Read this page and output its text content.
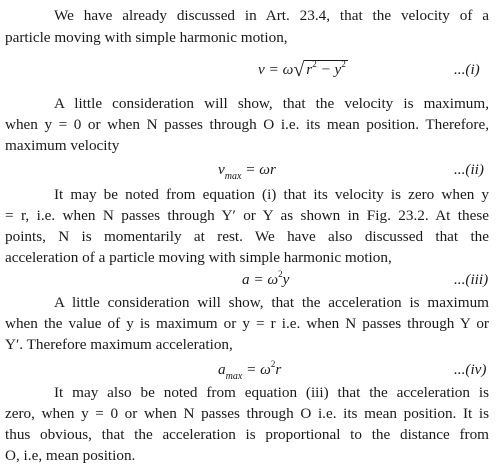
We have already discussed in Art. 23.4, that the velocity of a
particle moving with simple harmonic motion,
v = ω√ $r^2 - y^2$	...(i)
A little consideration will show, that the velocity is maximum,
when y = 0 or when N passes through O i.e. its mean position. Therefore,
maximum velocity
$v_{max} = \omega r$	...(ii)
It may be noted from equation (i) that its velocity is zero when y
= r, i.e. when N passes through Y′ or Y as shown in Fig. 23.2. At these
points, N is momentarily at rest. We have also discussed that the
acceleration of a particle moving with simple harmonic motion,
$a = \omega^2y$	...(iii)
A little consideration will show, that the acceleration is maximum
when the value of y is maximum or y = r i.e. when N passes through Y or
Y′. Therefore maximum acceleration,
$a_{max} = \omega^2r$	...(iv)
It may also be noted from equation (iii) that the acceleration is
zero, when y = 0 or when N passes through O i.e. its mean position. It is
thus obvious, that the acceleration is proportional to the distance from
O, i.e, mean position.
